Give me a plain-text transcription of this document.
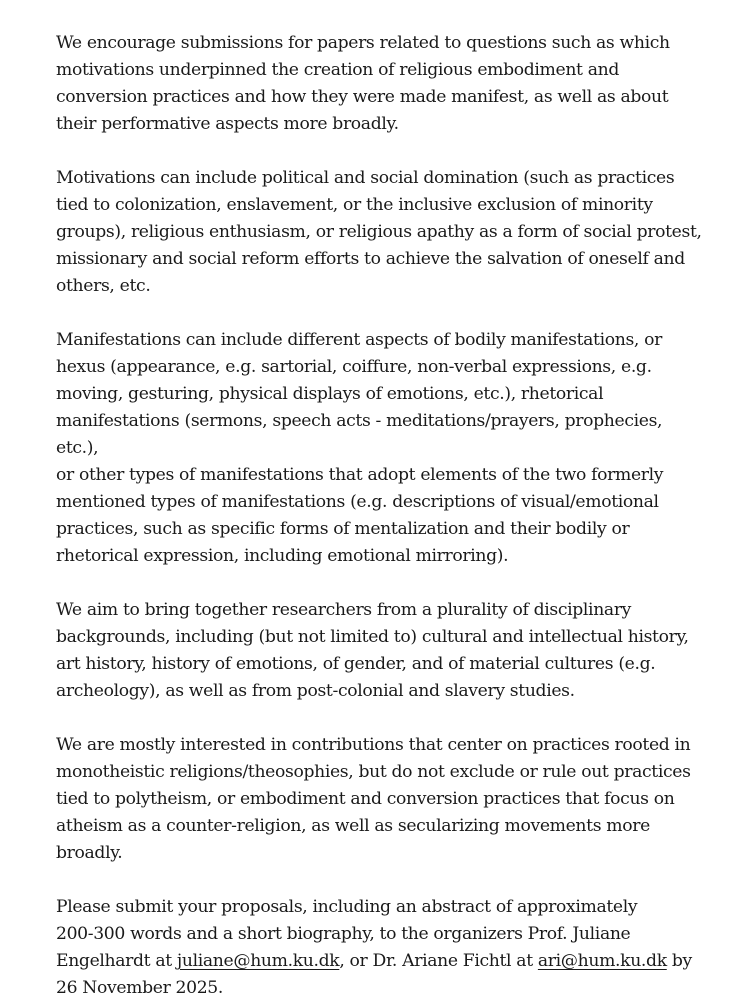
We encourage submissions for papers related to questions such as which
motivations underpinned the creation of religious embodiment and
conversion practices and how they were made manifest, as well as about
their performative aspects more broadly.

Motivations can include political and social domination (such as practices
tied to colonization, enslavement, or the inclusive exclusion of minority
groups), religious enthusiasm, or religious apathy as a form of social protest,
missionary and social reform efforts to achieve the salvation of oneself and
others, etc.

Manifestations can include different aspects of bodily manifestations, or
hexus (appearance, e.g. sartorial, coiffure, non-verbal expressions, e.g.
moving, gesturing, physical displays of emotions, etc.), rhetorical
manifestations (sermons, speech acts - meditations/prayers, prophecies, etc.),
or other types of manifestations that adopt elements of the two formerly
mentioned types of manifestations (e.g. descriptions of visual/emotional
practices, such as specific forms of mentalization and their bodily or
rhetorical expression, including emotional mirroring).

We aim to bring together researchers from a plurality of disciplinary
backgrounds, including (but not limited to) cultural and intellectual history,
art history, history of emotions, of gender, and of material cultures (e.g.
archeology), as well as from post-colonial and slavery studies.

We are mostly interested in contributions that center on practices rooted in
monotheistic religions/theosophies, but do not exclude or rule out practices
tied to polytheism, or embodiment and conversion practices that focus on
atheism as a counter-religion, as well as secularizing movements more
broadly.

Please submit your proposals, including an abstract of approximately
200-300 words and a short biography, to the organizers Prof. Juliane
Engelhardt at juliane@hum.ku.dk, or Dr. Ariane Fichtl at ari@hum.ku.dk by
26 November 2025.
